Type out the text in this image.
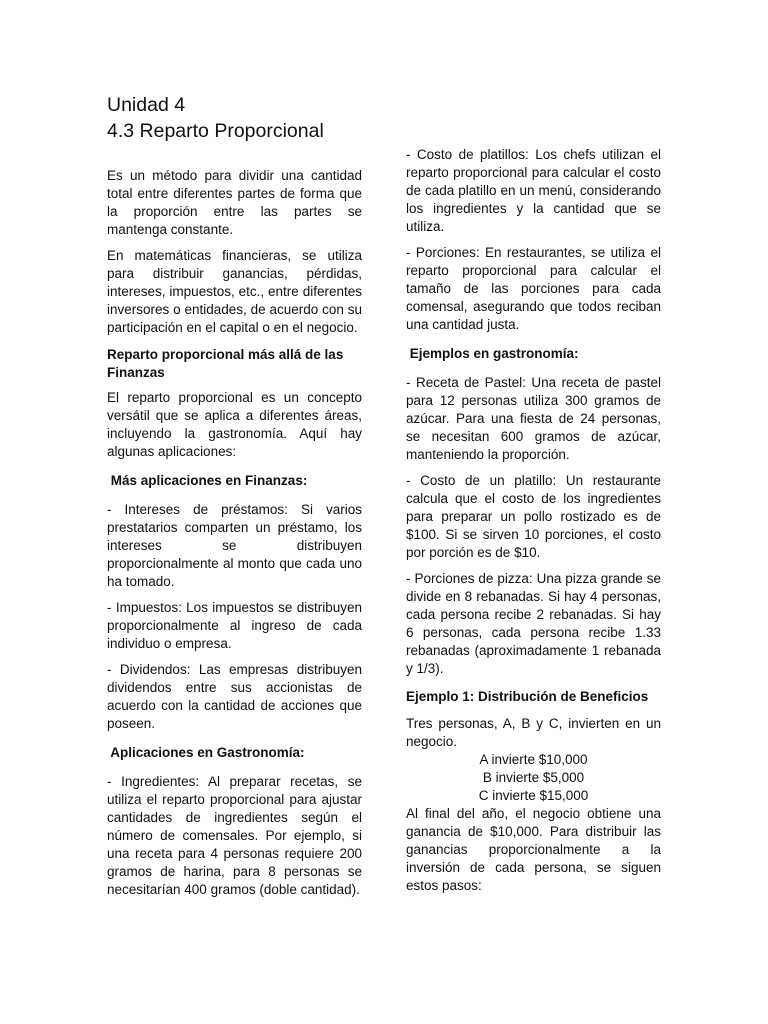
Unidad 4
4.3 Reparto Proporcional

Es un método para dividir una cantidad total entre diferentes partes de forma que la proporción entre las partes se mantenga constante.

En matemáticas financieras, se utiliza para distribuir ganancias, pérdidas, intereses, impuestos, etc., entre diferentes inversores o entidades, de acuerdo con su participación en el capital o en el negocio.

Reparto proporcional más allá de las Finanzas

El reparto proporcional es un concepto versátil que se aplica a diferentes áreas, incluyendo la gastronomía. Aquí hay algunas aplicaciones:

Más aplicaciones en Finanzas:

- Intereses de préstamos: Si varios prestatarios comparten un préstamo, los intereses se distribuyen proporcionalmente al monto que cada uno ha tomado.

- Impuestos: Los impuestos se distribuyen proporcionalmente al ingreso de cada individuo o empresa.

- Dividendos: Las empresas distribuyen dividendos entre sus accionistas de acuerdo con la cantidad de acciones que poseen.

Aplicaciones en Gastronomía:

- Ingredientes: Al preparar recetas, se utiliza el reparto proporcional para ajustar cantidades de ingredientes según el número de comensales. Por ejemplo, si una receta para 4 personas requiere 200 gramos de harina, para 8 personas se necesitarían 400 gramos (doble cantidad).

- Costo de platillos: Los chefs utilizan el reparto proporcional para calcular el costo de cada platillo en un menú, considerando los ingredientes y la cantidad que se utiliza.

- Porciones: En restaurantes, se utiliza el reparto proporcional para calcular el tamaño de las porciones para cada comensal, asegurando que todos reciban una cantidad justa.

Ejemplos en gastronomía:

- Receta de Pastel: Una receta de pastel para 12 personas utiliza 300 gramos de azúcar. Para una fiesta de 24 personas, se necesitan 600 gramos de azúcar, manteniendo la proporción.

- Costo de un platillo: Un restaurante calcula que el costo de los ingredientes para preparar un pollo rostizado es de $100. Si se sirven 10 porciones, el costo por porción es de $10.

- Porciones de pizza: Una pizza grande se divide en 8 rebanadas. Si hay 4 personas, cada persona recibe 2 rebanadas. Si hay 6 personas, cada persona recibe 1.33 rebanadas (aproximadamente 1 rebanada y 1/3).

Ejemplo 1: Distribución de Beneficios

Tres personas, A, B y C, invierten en un negocio.

A invierte $10,000

B invierte $5,000

C invierte $15,000

Al final del año, el negocio obtiene una ganancia de $10,000. Para distribuir las ganancias proporcionalmente a la inversión de cada persona, se siguen estos pasos:
